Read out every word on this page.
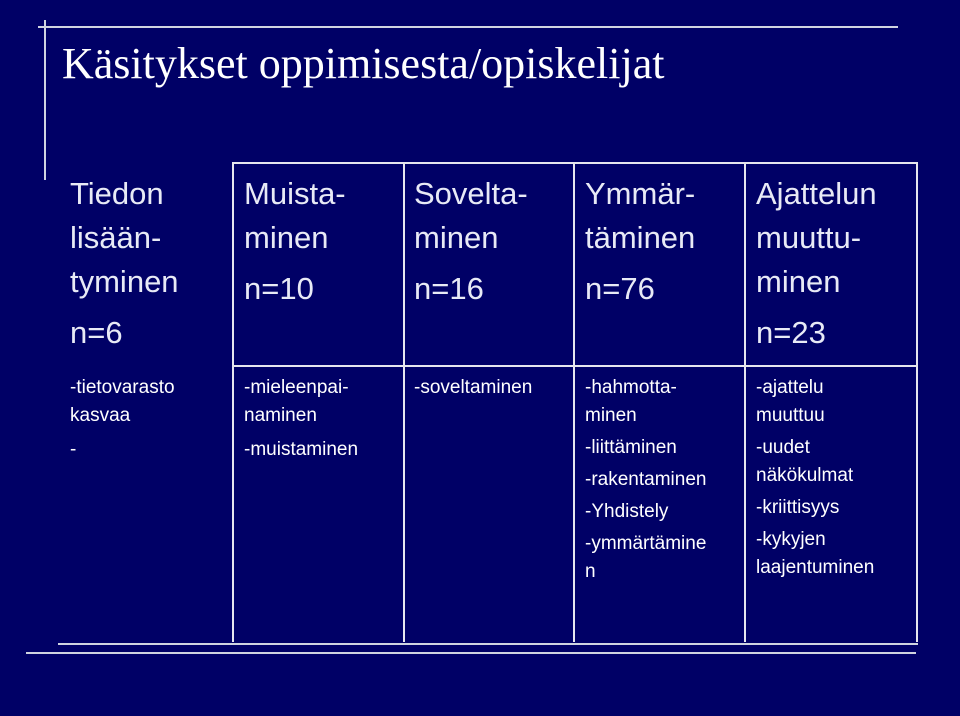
Käsitykset oppimisesta/opiskelijat
Tiedon
lisään-
tyminen
n=6
Muista-
minen
n=10
Sovelta-
minen
n=16
Ymmär-
täminen
n=76
Ajattelun
muuttu-
minen
n=23
-tietovarasto
kasvaa
-
-mieleenpai-
naminen
-muistaminen
-soveltaminen	-hahmotta-
minen
-liittäminen
-rakentaminen
-Yhdistely
-ymmärtämine
n
-ajattelu
muuttuu
-uudet
näkökulmat
-kriittisyys
-kykyjen
laajentuminen
